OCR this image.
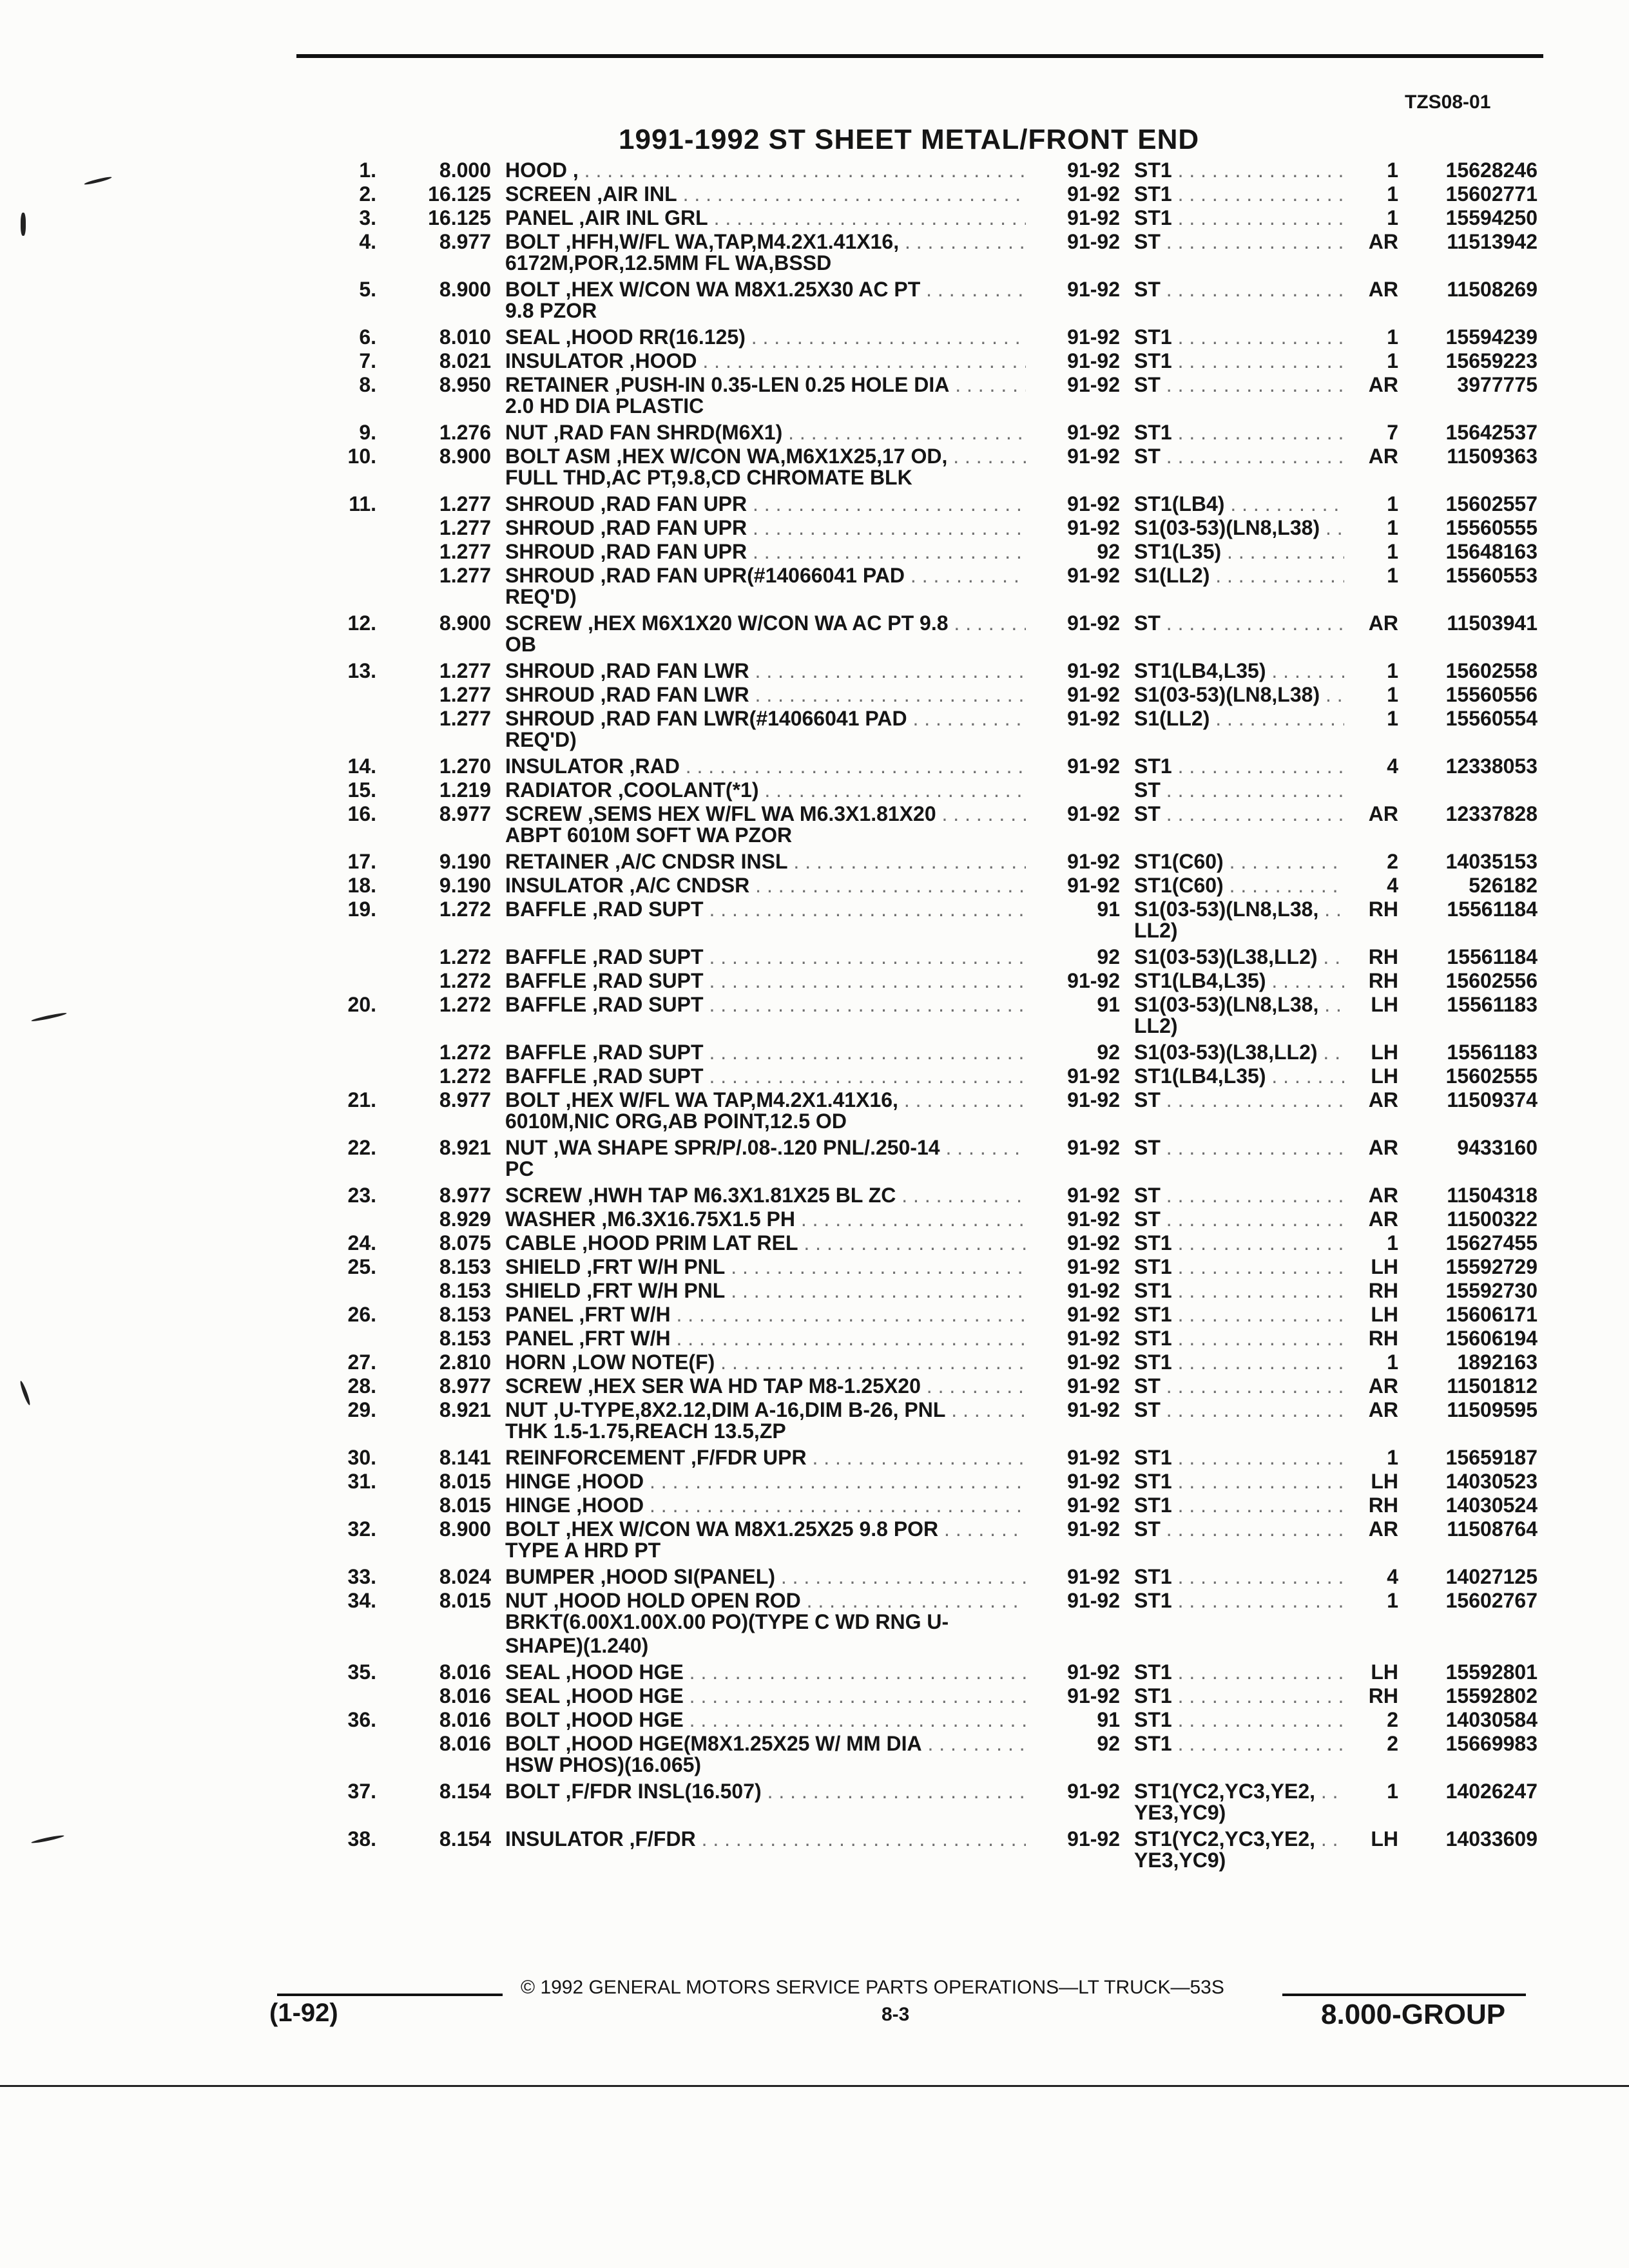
TZS08-01
1991-1992 ST SHEET METAL/FRONT END
1.	8.000 HOOD , . . .	91-92 ST1 . . .	1	15628246
2.	16.125 SCREEN ,AIR INL . . .	91-92 ST1 . . .	1	15602771
3.	16.125 PANEL ,AIR INL GRL . . .	91-92 ST1 . . .	1	15594250
4.	8.977 BOLT ,HFH,W/FL WA,TAP,M4.2X1.41X16, . . .	91-92 ST . . .	AR	11513942
6172M,POR,12.5MM FL WA,BSSD
5.	8.900 BOLT ,HEX W/CON WA M8X1.25X30 AC PT . . .	91-92 ST . . .	AR	11508269
9.8 PZOR
6.	8.010 SEAL ,HOOD RR(16.125) . . .	91-92 ST1 . . .	1	15594239
7.	8.021 INSULATOR ,HOOD . . .	91-92 ST1 . . .	1	15659223
8.	8.950 RETAINER ,PUSH-IN 0.35-LEN 0.25 HOLE DIA . . .	91-92 ST . . .	AR	3977775
2.0 HD DIA PLASTIC
9.	1.276 NUT ,RAD FAN SHRD(M6X1) . . .	91-92 ST1 . . .	7	15642537
10.	8.900 BOLT ASM ,HEX W/CON WA,M6X1X25,17 OD, . . .	91-92 ST . . .	AR	11509363
FULL THD,AC PT,9.8,CD CHROMATE BLK
11.	1.277 SHROUD ,RAD FAN UPR . . .	91-92 ST1(LB4) . . .	1	15602557
1.277 SHROUD ,RAD FAN UPR . . .	91-92 S1(03-53)(LN8,L38) . . .	1	15560555
1.277 SHROUD ,RAD FAN UPR . . .	92 ST1(L35) . . .	1	15648163
1.277 SHROUD ,RAD FAN UPR(#14066041 PAD . . .	91-92 S1(LL2) . . .	1	15560553
REQ'D)
12.	8.900 SCREW ,HEX M6X1X20 W/CON WA AC PT 9.8 . . .	91-92 ST . . .	AR	11503941
OB
13.	1.277 SHROUD ,RAD FAN LWR . . .	91-92 ST1(LB4,L35) . . .	1	15602558
1.277 SHROUD ,RAD FAN LWR . . .	91-92 S1(03-53)(LN8,L38) . . .	1	15560556
1.277 SHROUD ,RAD FAN LWR(#14066041 PAD . . .	91-92 S1(LL2) . . .	1	15560554
REQ'D)
14.	1.270 INSULATOR ,RAD . . .	91-92 ST1 . . .	4	12338053
15.	1.219 RADIATOR ,COOLANT(*1) . . .	ST . . .
16.	8.977 SCREW ,SEMS HEX W/FL WA M6.3X1.81X20 . . .	91-92 ST . . .	AR	12337828
ABPT 6010M SOFT WA PZOR
17.	9.190 RETAINER ,A/C CNDSR INSL . . .	91-92 ST1(C60) . . .	2	14035153
18.	9.190 INSULATOR ,A/C CNDSR . . .	91-92 ST1(C60) . . .	4	526182
19.	1.272 BAFFLE ,RAD SUPT . . .	91 S1(03-53)(LN8,L38, . . .	RH	15561184
LL2)
1.272 BAFFLE ,RAD SUPT . . .	92 S1(03-53)(L38,LL2) . . .	RH	15561184
1.272 BAFFLE ,RAD SUPT . . .	91-92 ST1(LB4,L35) . . .	RH	15602556
20.	1.272 BAFFLE ,RAD SUPT . . .	91 S1(03-53)(LN8,L38, . . .	LH	15561183
LL2)
1.272 BAFFLE ,RAD SUPT . . .	92 S1(03-53)(L38,LL2) . . .	LH	15561183
1.272 BAFFLE ,RAD SUPT . . .	91-92 ST1(LB4,L35) . . .	LH	15602555
21.	8.977 BOLT ,HEX W/FL WA TAP,M4.2X1.41X16, . . .	91-92 ST . . .	AR	11509374
6010M,NIC ORG,AB POINT,12.5 OD
22.	8.921 NUT ,WA SHAPE SPR/P/.08-.120 PNL/.250-14 . . .	91-92 ST . . .	AR	9433160
PC
23.	8.977 SCREW ,HWH TAP M6.3X1.81X25 BL ZC . . .	91-92 ST . . .	AR	11504318
8.929 WASHER ,M6.3X16.75X1.5 PH . . .	91-92 ST . . .	AR	11500322
24.	8.075 CABLE ,HOOD PRIM LAT REL . . .	91-92 ST1 . . .	1	15627455
25.	8.153 SHIELD ,FRT W/H PNL . . .	91-92 ST1 . . .	LH	15592729
8.153 SHIELD ,FRT W/H PNL . . .	91-92 ST1 . . .	RH	15592730
26.	8.153 PANEL ,FRT W/H . . .	91-92 ST1 . . .	LH	15606171
8.153 PANEL ,FRT W/H . . .	91-92 ST1 . . .	RH	15606194
27.	2.810 HORN ,LOW NOTE(F) . . .	91-92 ST1 . . .	1	1892163
28.	8.977 SCREW ,HEX SER WA HD TAP M8-1.25X20 . . .	91-92 ST . . .	AR	11501812
29.	8.921 NUT ,U-TYPE,8X2.12,DIM A-16,DIM B-26, PNL . . .	91-92 ST . . .	AR	11509595
THK 1.5-1.75,REACH 13.5,ZP
30.	8.141 REINFORCEMENT ,F/FDR UPR . . .	91-92 ST1 . . .	1	15659187
31.	8.015 HINGE ,HOOD . . .	91-92 ST1 . . .	LH	14030523
8.015 HINGE ,HOOD . . .	91-92 ST1 . . .	RH	14030524
32.	8.900 BOLT ,HEX W/CON WA M8X1.25X25 9.8 POR . . .	91-92 ST . . .	AR	11508764
TYPE A HRD PT
33.	8.024 BUMPER ,HOOD SI(PANEL) . . .	91-92 ST1 . . .	4	14027125
34.	8.015 NUT ,HOOD HOLD OPEN ROD . . .	91-92 ST1 . . .	1	15602767
BRKT(6.00X1.00X.00 PO)(TYPE C WD RNG U-
SHAPE)(1.240)
35.	8.016 SEAL ,HOOD HGE . . .	91-92 ST1 . . .	LH	15592801
8.016 SEAL ,HOOD HGE . . .	91-92 ST1 . . .	RH	15592802
36.	8.016 BOLT ,HOOD HGE . . .	91 ST1 . . .	2	14030584
8.016 BOLT ,HOOD HGE(M8X1.25X25 W/ MM DIA . . .	92 ST1 . . .	2	15669983
HSW PHOS)(16.065)
37.	8.154 BOLT ,F/FDR INSL(16.507) . . .	91-92 ST1(YC2,YC3,YE2, . . .	1	14026247
YE3,YC9)
38.	8.154 INSULATOR ,F/FDR . . .	91-92 ST1(YC2,YC3,YE2, . . .	LH	14033609
YE3,YC9)
© 1992 GENERAL MOTORS SERVICE PARTS OPERATIONS—LT TRUCK—53S
8-3
(1-92)	8.000-GROUP
